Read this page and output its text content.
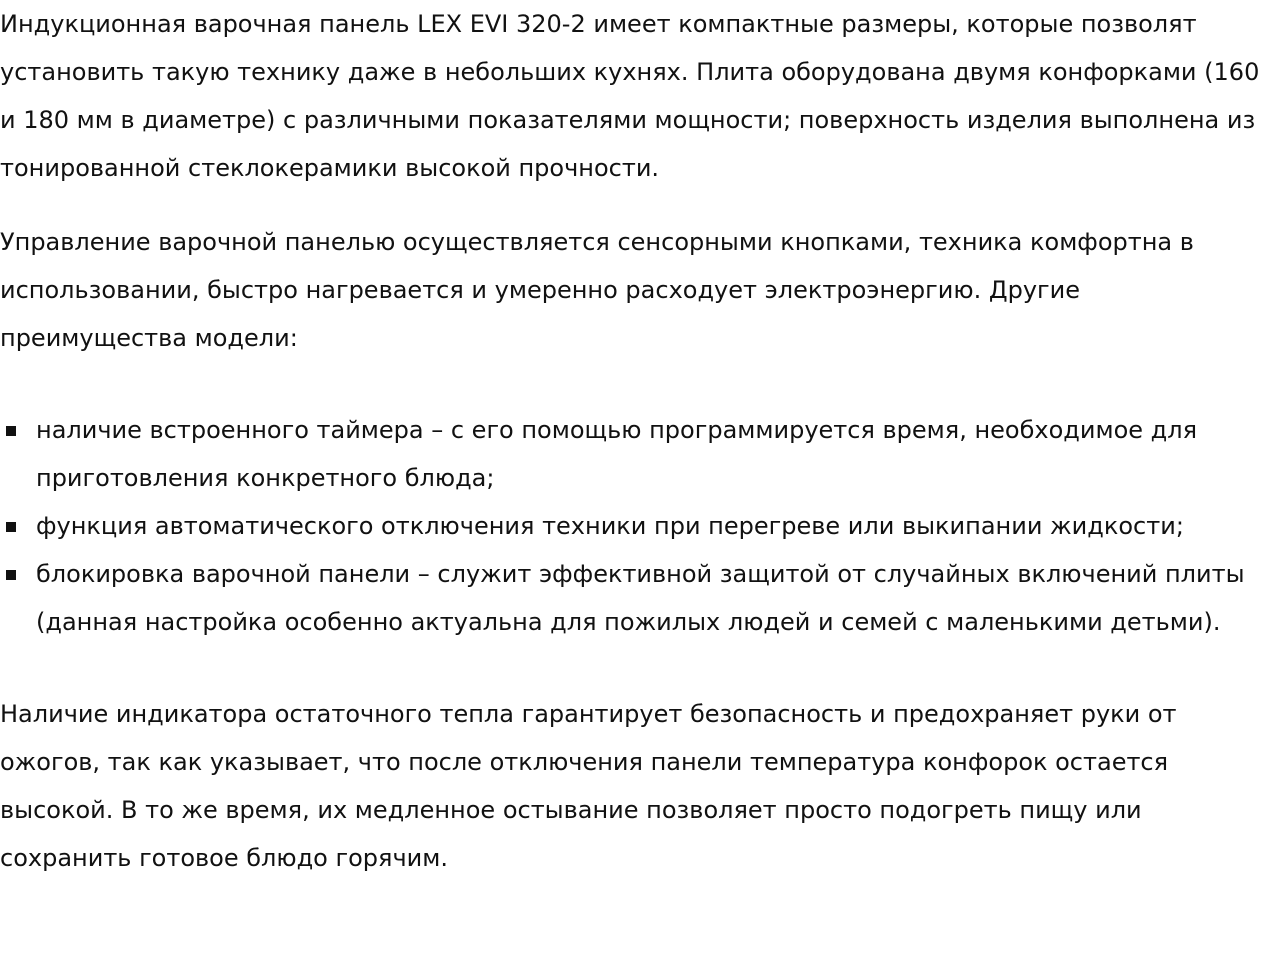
Индукционная варочная панель LEX EVI 320-2 имеет компактные размеры, которые позволят установить такую технику даже в небольших кухнях. Плита оборудована двумя конфорками (160 и 180 мм в диаметре) с различными показателями мощности; поверхность изделия выполнена из тонированной стеклокерамики высокой прочности.

Управление варочной панелью осуществляется сенсорными кнопками, техника комфортна в использовании, быстро нагревается и умеренно расходует электроэнергию. Другие преимущества модели:

наличие встроенного таймера – с его помощью программируется время, необходимое для приготовления конкретного блюда;
функция автоматического отключения техники при перегреве или выкипании жидкости;
блокировка варочной панели – служит эффективной защитой от случайных включений плиты (данная настройка особенно актуальна для пожилых людей и семей с маленькими детьми).

Наличие индикатора остаточного тепла гарантирует безопасность и предохраняет руки от ожогов, так как указывает, что после отключения панели температура конфорок остается высокой. В то же время, их медленное остывание позволяет просто подогреть пищу или сохранить готовое блюдо горячим.
